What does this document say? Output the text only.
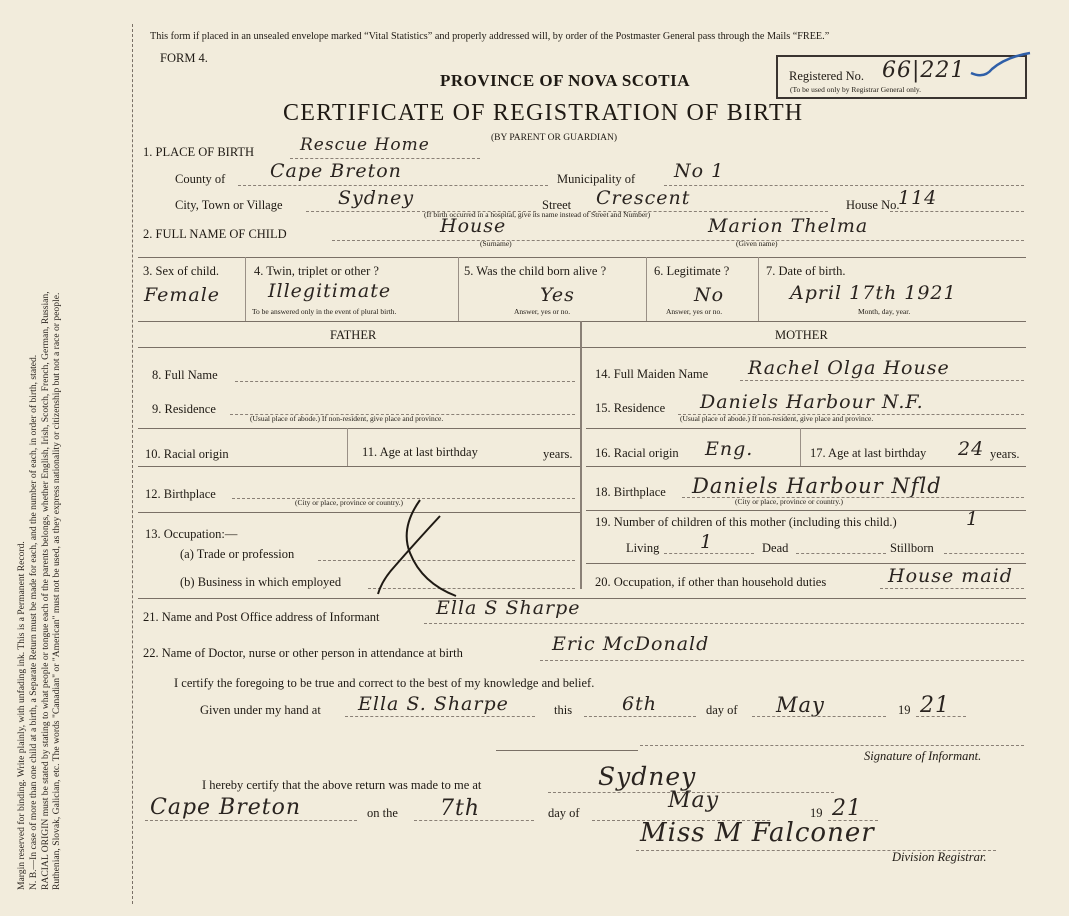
Margin reserved for binding. Write plainly, with unfading ink. This is a Permanent Record. N. B.—In case of more than one child at a birth, a Separate Return must be made for each, and the number of each, in order of birth, stated. RACIAL ORIGIN must be stated by stating to what people or tongue each of the parents belongs, whether English, Irish, Scotch, French, German, Russian, Ruthenian, Slovak, Galician, etc. The words "Canadian" or "American" must not be used, as they express nationality or citizenship but not a race or people.
This form if placed in an unsealed envelope marked “Vital Statistics” and properly addressed will, by order of the Postmaster General pass through the Mails “FREE.”
FORM 4.
PROVINCE OF NOVA SCOTIA
CERTIFICATE OF REGISTRATION OF BIRTH
(BY PARENT OR GUARDIAN)
Registered No. 66|221
(To be used only by Registrar General only.
1. PLACE OF BIRTH	Rescue Home
County of Cape Breton	Municipality of No 1
City, Town or Village	Sydney	Street Crescent	House No.
114
(If birth occurred in a hospital, give its name instead of Street and Number)
2. FULL NAME OF CHILD	House	Marion Thelma
(Surname)	(Given name)
3. Sex of child.
Female
4. Twin, triplet or other ?
Illegitimate
To be answered only in the event of plural birth.
5. Was the child born alive ?
Yes
Answer, yes or no.
6. Legitimate ?
No
Answer, yes or no.
7. Date of birth.
April 17th 1921
Month, day, year.
FATHER	MOTHER
8. Full Name
9. Residence
(Usual place of abode.) If non-resident, give place and province.
10. Racial origin	11. Age at last birthday	years.
12. Birthplace
(City or place, province or country.)
13. Occupation:—
(a) Trade or profession
(b) Business in which employed
14. Full Maiden Name Rachel Olga House
15. Residence Daniels Harbour N.F.
(Usual place of abode.) If non-resident, give place and province.
16. Racial origin Eng.	17. Age at last birthday 24 years.
18. Birthplace Daniels Harbour Nfld
(City or place, province or country.)
19. Number of children of this mother (including this child.)	1
Living 1	Dead	Stillborn
20. Occupation, if other than household duties	House maid
21. Name and Post Office address of Informant	Ella S Sharpe
22. Name of Doctor, nurse or other person in attendance at birth	Eric McDonald
I certify the foregoing to be true and correct to the best of my knowledge and belief.
Given under my hand at Ella S. Sharpe	this	6th	day of May	19 21
Signature of Informant.
I hereby certify that the above return was made to me at	Sydney
Cape Breton	on the 7th	day of	May	19 21
Miss M Falconer
Division Registrar.
